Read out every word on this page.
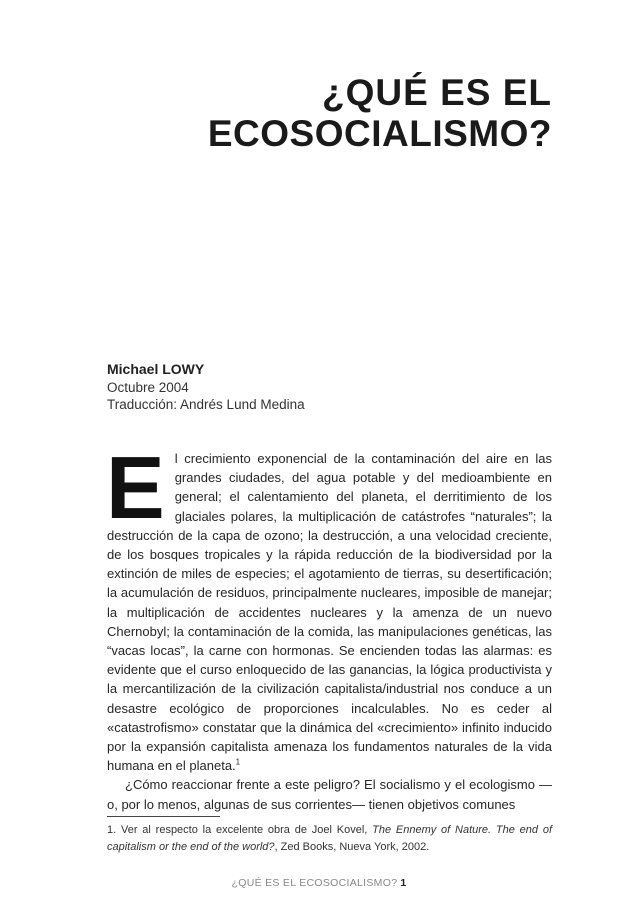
¿QUÉ ES EL

ECOSOCIALISMO?
Michael LOWY
Octubre 2004
Traducción: Andrés Lund Medina

El crecimiento exponencial de la contaminación del aire en las grandes ciudades, del agua potable y del medioambiente en general; el calentamiento del planeta, el derritimiento de los glaciales polares, la multiplicación de catástrofes “naturales”; la destrucción de la capa de ozono; la destrucción, a una velocidad creciente, de los bosques tropicales y la rápida reducción de la biodiversidad por la extinción de miles de especies; el agotamiento de tierras, su desertificación; la acumulación de residuos, principalmente nucleares, imposible de manejar; la multiplicación de accidentes nucleares y la amenza de un nuevo Chernobyl; la contaminación de la comida, las manipulaciones genéticas, las “vacas locas”, la carne con hormonas. Se encienden todas las alarmas: es evidente que el curso enloquecido de las ganancias, la lógica productivista y la mercantilización de la civilización capitalista/industrial nos conduce a un desastre ecológico de proporciones incalculables. No es ceder al «catastrofismo» constatar que la dinámica del «crecimiento» infinito inducido por la expansión capitalista amenaza los fundamentos naturales de la vida humana en el planeta.$^1$

¿Cómo reaccionar frente a este peligro? El socialismo y el ecologismo —o, por lo menos, algunas de sus corrientes— tienen objetivos comunes

1. Ver al respecto la excelente obra de Joel Kovel, The Ennemy of Nature. The end of capitalism or the end of the world?, Zed Books, Nueva York, 2002.
¿QUÉ ES EL ECOSOCIALISMO? 1
